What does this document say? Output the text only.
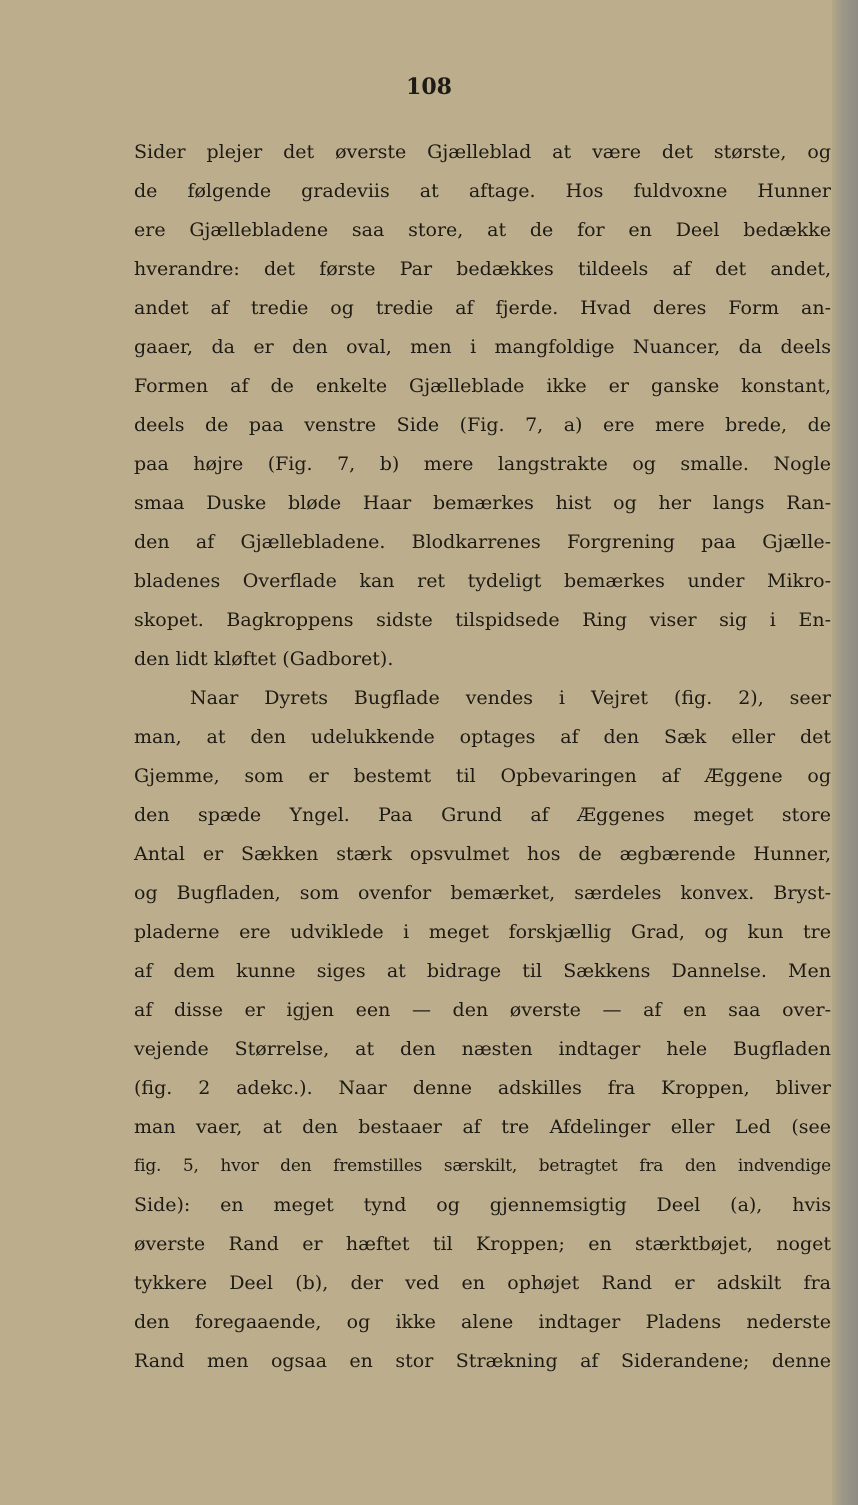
108
Sider plejer det øverste Gjælleblad at være det største, og
de følgende gradeviis at aftage. Hos fuldvoxne Hunner
ere Gjællebladene saa store, at de for en Deel bedække
hverandre: det første Par bedækkes tildeels af det andet,
andet af tredie og tredie af fjerde. Hvad deres Form an-
gaaer, da er den oval, men i mangfoldige Nuancer, da deels
Formen af de enkelte Gjælleblade ikke er ganske konstant,
deels de paa venstre Side (Fig. 7, a) ere mere brede, de
paa højre (Fig. 7, b) mere langstrakte og smalle. Nogle
smaa Duske bløde Haar bemærkes hist og her langs Ran-
den af Gjællebladene. Blodkarrenes Forgrening paa Gjælle-
bladenes Overflade kan ret tydeligt bemærkes under Mikro-
skopet. Bagkroppens sidste tilspidsede Ring viser sig i En-
den lidt kløftet (Gadboret).
Naar Dyrets Bugflade vendes i Vejret (fig. 2), seer
man, at den udelukkende optages af den Sæk eller det
Gjemme, som er bestemt til Opbevaringen af Æggene og
den spæde Yngel. Paa Grund af Æggenes meget store
Antal er Sækken stærk opsvulmet hos de ægbærende Hunner,
og Bugfladen, som ovenfor bemærket, særdeles konvex. Bryst-
pladerne ere udviklede i meget forskjællig Grad, og kun tre
af dem kunne siges at bidrage til Sækkens Dannelse. Men
af disse er igjen een — den øverste — af en saa over-
vejende Størrelse, at den næsten indtager hele Bugfladen
(fig. 2 adekc.). Naar denne adskilles fra Kroppen, bliver
man vaer, at den bestaaer af tre Afdelinger eller Led (see
fig. 5, hvor den fremstilles særskilt, betragtet fra den indvendige
Side): en meget tynd og gjennemsigtig Deel (a), hvis
øverste Rand er hæftet til Kroppen; en stærktbøjet, noget
tykkere Deel (b), der ved en ophøjet Rand er adskilt fra
den foregaaende, og ikke alene indtager Pladens nederste
Rand men ogsaa en stor Strækning af Siderandene; denne
